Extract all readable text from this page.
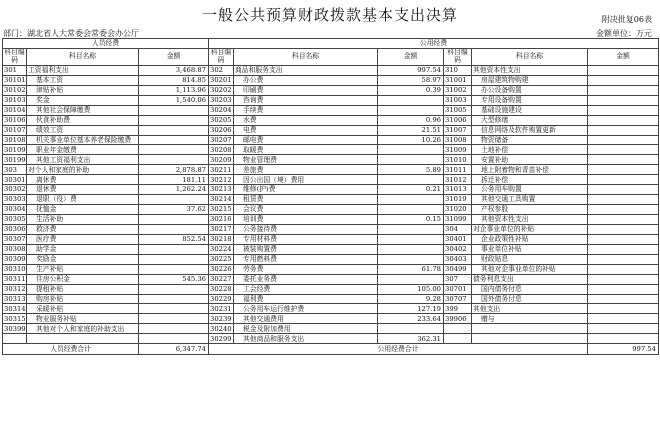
一般公共预算财政拨款基本支出决算	附决批复06表
部门：湖北省人大常委会常委会办公厅	金额单位：万元
人员经费			公用经费					
科目编码	科目名称	金额	科目编码	科目名称	金额	科目编码	科目名称	金额
301	工资福利支出	3,468.87	302	商品和服务支出	997.54	310	其他资本性支出	
30101	基本工资	814.85	30201	办公费	58.97	31001	房屋建筑物购建	
30102	津贴补贴	1,113.96	30202	印刷费	0.39	31002	办公设备购置	
30103	奖金	1,540.06	30203	咨询费		31003	专用设备购置	
30104	其他社会保障缴费		30204	手续费		31005	基础设施建设	
30106	伙食补助费		30205	水费	0.96	31006	大型修缮	
30107	绩效工资		30206	电费	21.51	31007	信息网络及软件购置更新	
30108	机关事业单位基本养老保险缴费		30207	邮电费	10.26	31008	物资储备	
30109	职业年金缴费		30208	取暖费		31009	土地补偿	
30199	其他工资福利支出		30209	物业管理费		31010	安置补助	
303	对个人和家庭的补助	2,878.87	30211	差旅费	5.89	31011	地上附着物和青苗补偿	
30301	离休费	181.11	30212	因公出国（境）费用		31012	拆迁补偿	
30302	退休费	1,262.24	30213	维修(护)费	0.21	31013	公务用车购置	
30303	退职（役）费		30214	租赁费		31019	其他交通工具购置	
30304	抚恤金	37.62	30215	会议费		31020	产权参股	
30305	生活补助		30216	培训费	0.15	31099	其他资本性支出	
30306	救济费		30217	公务接待费		304	对企事业单位的补贴	
30307	医疗费	852.54	30218	专用材料费		30401	企业政策性补贴	
30308	助学金		30224	被装购置费		30402	事业单位补贴	
30309	奖励金		30225	专用燃料费		30403	财政贴息	
30310	生产补贴		30226	劳务费	61.78	30499	其他对企事业单位的补贴	
30311	住房公积金	545.36	30227	委托业务费		307	债务利息支出	
30312	提租补贴		30228	工会经费	105.00	30701	国内债务付息	
30313	购房补贴		30229	福利费	9.28	30707	国外债务付息	
30314	采暖补贴		30231	公务用车运行维护费	127.19	399	其他支出	
30315	物业服务补贴		30239	其他交通费用	233.64	39906	赠与	
30399	其他对个人和家庭的补助支出		30240	税金及附加费用				
			30299	其他商品和服务支出	362.31			
人员经费合计		6,347.74	公用经费合计					997.54
